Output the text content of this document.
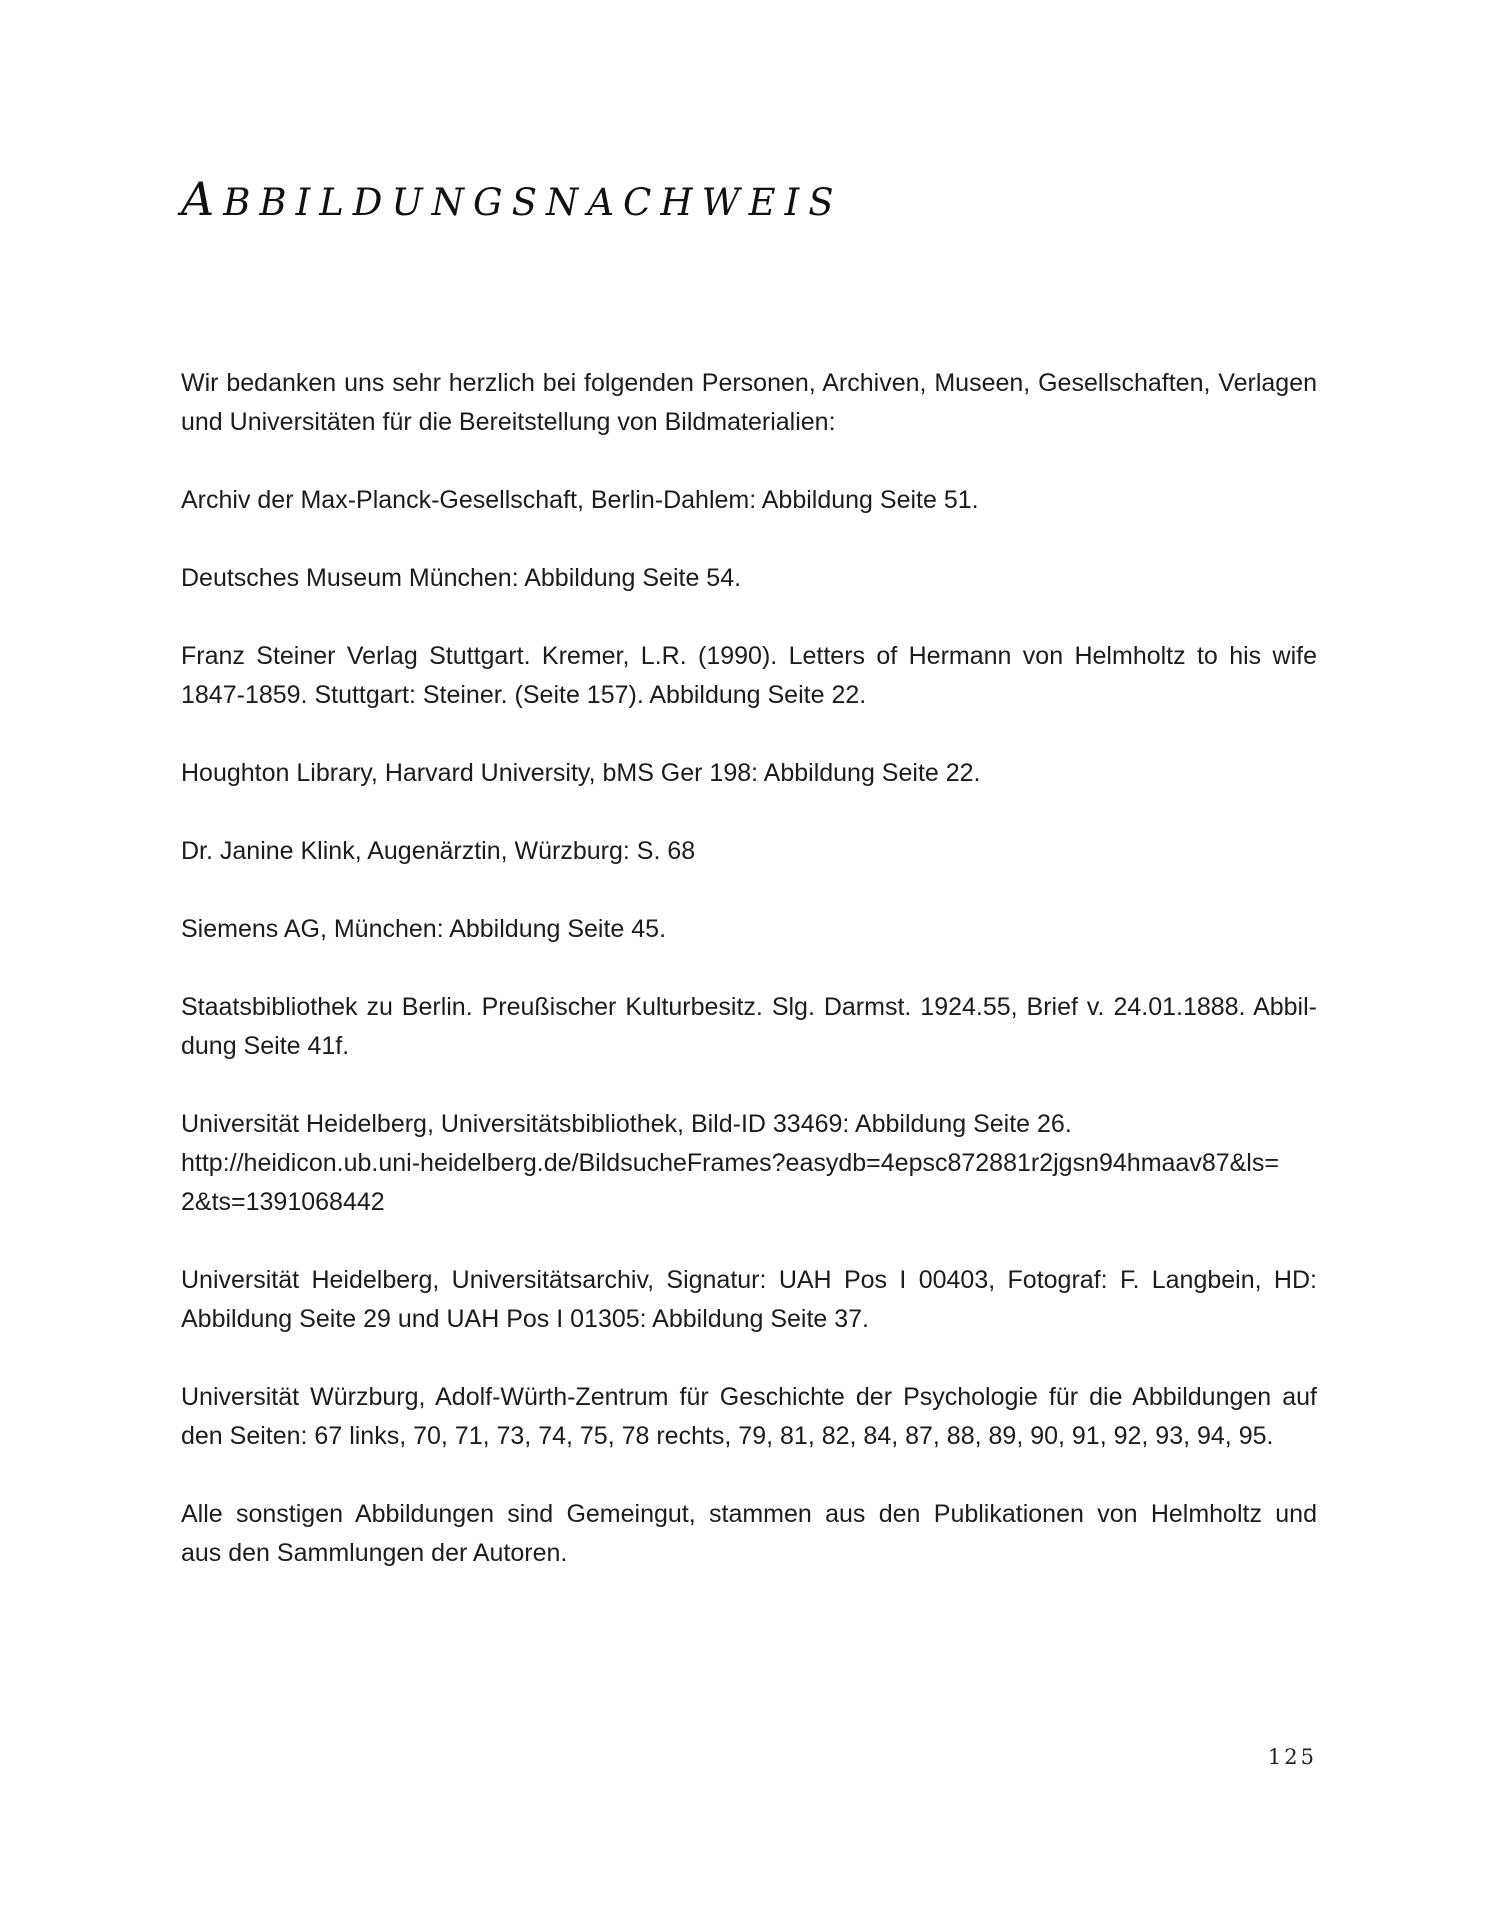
ABBILDUNGSNACHWEIS

Wir bedanken uns sehr herzlich bei folgenden Personen, Archiven, Museen, Gesellschaften, Verlagen
und Universitäten für die Bereitstellung von Bildmaterialien:

Archiv der Max-Planck-Gesellschaft, Berlin-Dahlem: Abbildung Seite 51.

Deutsches Museum München: Abbildung Seite 54.

Franz Steiner Verlag Stuttgart. Kremer, L.R. (1990). Letters of Hermann von Helmholtz to his wife
1847-1859. Stuttgart: Steiner. (Seite 157). Abbildung Seite 22.

Houghton Library, Harvard University, bMS Ger 198: Abbildung Seite 22.

Dr. Janine Klink, Augenärztin, Würzburg: S. 68

Siemens AG, München: Abbildung Seite 45.

Staatsbibliothek zu Berlin. Preußischer Kulturbesitz. Slg. Darmst. 1924.55, Brief v. 24.01.1888. Abbil-
dung Seite 41f.

Universität Heidelberg, Universitätsbibliothek, Bild-ID 33469: Abbildung Seite 26.
http://heidicon.ub.uni-heidelberg.de/BildsucheFrames?easydb=4epsc872881r2jgsn94hmaav87&ls=
2&ts=1391068442

Universität Heidelberg, Universitätsarchiv, Signatur: UAH Pos I 00403, Fotograf: F. Langbein, HD:
Abbildung Seite 29 und UAH Pos I 01305: Abbildung Seite 37.

Universität Würzburg, Adolf-Würth-Zentrum für Geschichte der Psychologie für die Abbildungen auf
den Seiten: 67 links, 70, 71, 73, 74, 75, 78 rechts, 79, 81, 82, 84, 87, 88, 89, 90, 91, 92, 93, 94, 95.

Alle sonstigen Abbildungen sind Gemeingut, stammen aus den Publikationen von Helmholtz und
aus den Sammlungen der Autoren.

125
